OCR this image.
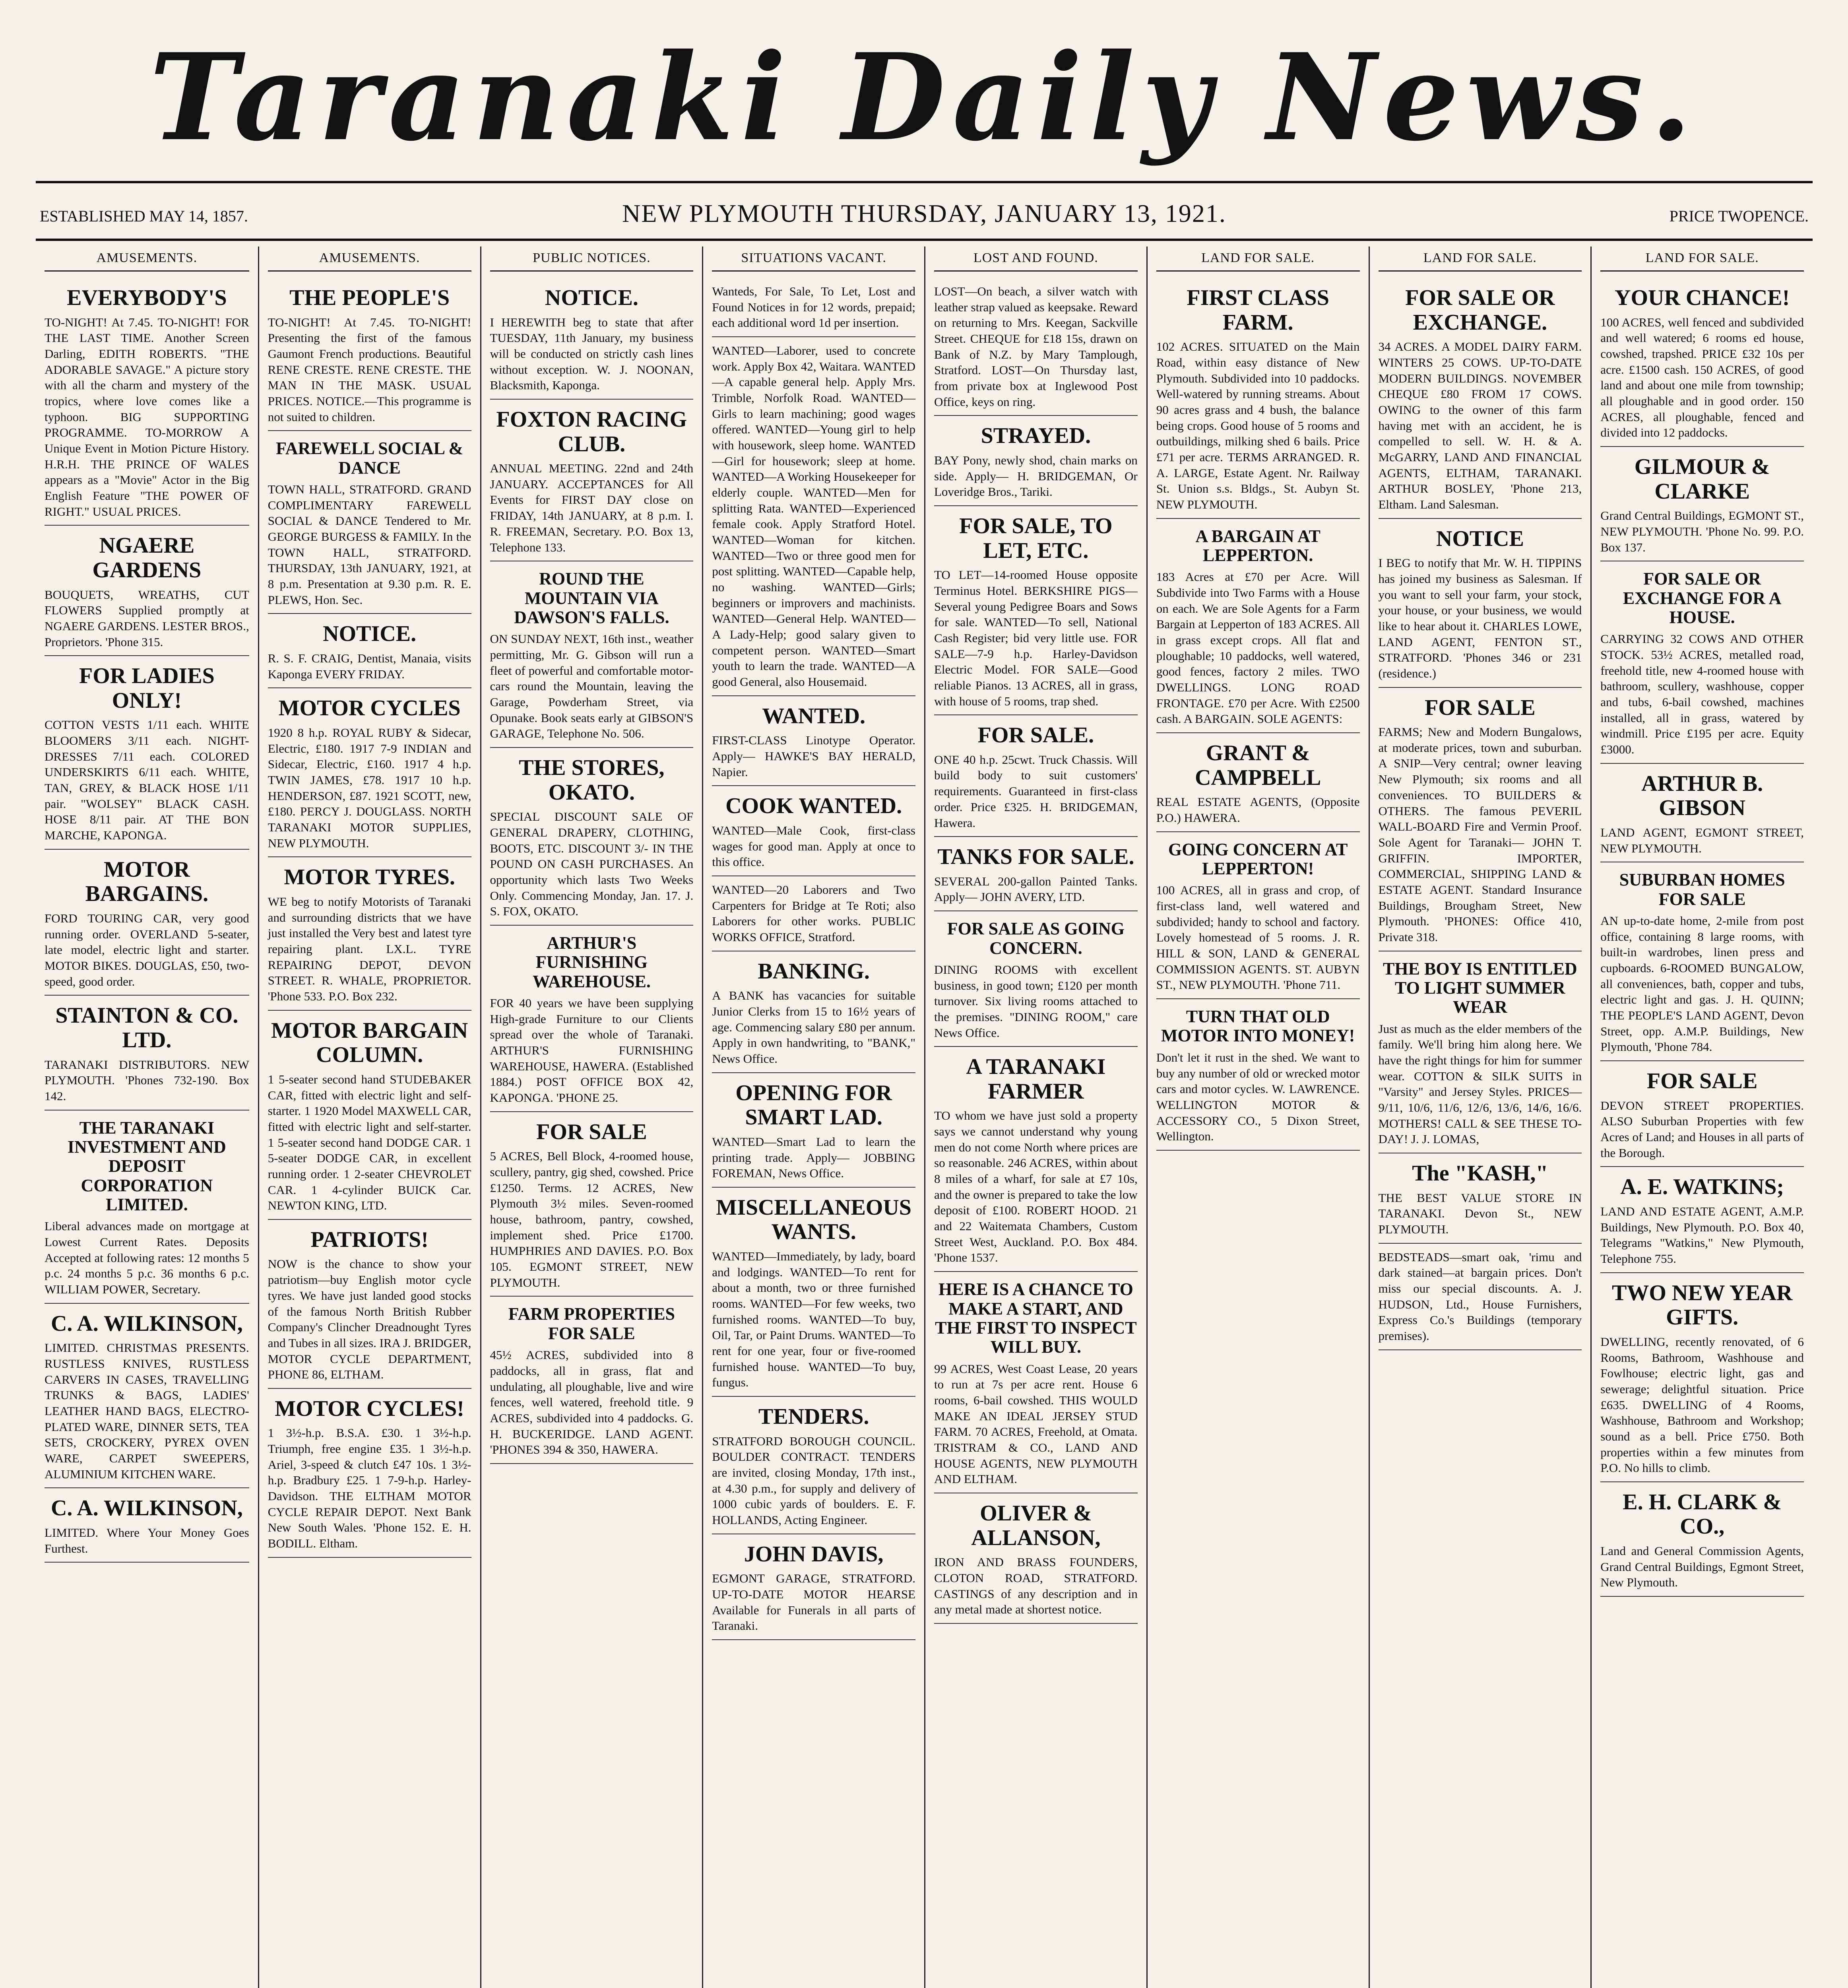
Taranaki Daily News.
ESTABLISHED MAY 14, 1857.	NEW PLYMOUTH THURSDAY, JANUARY 13, 1921.	PRICE TWOPENCE.
AMUSEMENTS.
EVERYBODY'S
TO-NIGHT! At 7.45. TO-NIGHT! FOR THE LAST TIME. Another Screen Darling, EDITH ROBERTS. "THE ADORABLE SAVAGE." A picture story with all the charm and mystery of the tropics, where love comes like a typhoon. BIG SUPPORTING PROGRAMME. TO-MORROW A Unique Event in Motion Picture History. H.R.H. THE PRINCE OF WALES appears as a "Movie" Actor in the Big English Feature "THE POWER OF RIGHT." USUAL PRICES.
NGAERE GARDENS
BOUQUETS, WREATHS, CUT FLOWERS Supplied promptly at NGAERE GARDENS. LESTER BROS., Proprietors. 'Phone 315.
FOR LADIES ONLY!
COTTON VESTS 1/11 each. WHITE BLOOMERS 3/11 each. NIGHT-DRESSES 7/11 each. COLORED UNDERSKIRTS 6/11 each. WHITE, TAN, GREY, & BLACK HOSE 1/11 pair. "WOLSEY" BLACK CASH. HOSE 8/11 pair. AT THE BON MARCHE, KAPONGA.
MOTOR BARGAINS.
FORD TOURING CAR, very good running order. OVERLAND 5-seater, late model, electric light and starter. MOTOR BIKES. DOUGLAS, £50, two-speed, good order.
STAINTON & CO. LTD.
TARANAKI DISTRIBUTORS. NEW PLYMOUTH. 'Phones 732-190. Box 142.
THE TARANAKI INVESTMENT AND DEPOSIT CORPORATION LIMITED.
Liberal advances made on mortgage at Lowest Current Rates. Deposits Accepted at following rates: 12 months 5 p.c. 24 months 5 p.c. 36 months 6 p.c. WILLIAM POWER, Secretary.
C. A. WILKINSON,
LIMITED. CHRISTMAS PRESENTS. RUSTLESS KNIVES, RUSTLESS CARVERS IN CASES, TRAVELLING TRUNKS & BAGS, LADIES' LEATHER HAND BAGS, ELECTRO-PLATED WARE, DINNER SETS, TEA SETS, CROCKERY, PYREX OVEN WARE, CARPET SWEEPERS, ALUMINIUM KITCHEN WARE.
C. A. WILKINSON,
LIMITED. Where Your Money Goes Furthest.
AMUSEMENTS.
THE PEOPLE'S
TO-NIGHT! At 7.45. TO-NIGHT! Presenting the first of the famous Gaumont French productions. Beautiful RENE CRESTE. RENE CRESTE. THE MAN IN THE MASK. USUAL PRICES. NOTICE.—This programme is not suited to children.
FAREWELL SOCIAL & DANCE
TOWN HALL, STRATFORD. GRAND COMPLIMENTARY FAREWELL SOCIAL & DANCE Tendered to Mr. GEORGE BURGESS & FAMILY. In the TOWN HALL, STRATFORD. THURSDAY, 13th JANUARY, 1921, at 8 p.m. Presentation at 9.30 p.m. R. E. PLEWS, Hon. Sec.
NOTICE.
R. S. F. CRAIG, Dentist, Manaia, visits Kaponga EVERY FRIDAY.
MOTOR CYCLES
1920 8 h.p. ROYAL RUBY & Sidecar, Electric, £180. 1917 7-9 INDIAN and Sidecar, Electric, £160. 1917 4 h.p. TWIN JAMES, £78. 1917 10 h.p. HENDERSON, £87. 1921 SCOTT, new, £180. PERCY J. DOUGLASS. NORTH TARANAKI MOTOR SUPPLIES, NEW PLYMOUTH.
MOTOR TYRES.
WE beg to notify Motorists of Taranaki and surrounding districts that we have just installed the Very best and latest tyre repairing plant. LX.L. TYRE REPAIRING DEPOT, DEVON STREET. R. WHALE, PROPRIETOR. 'Phone 533. P.O. Box 232.
MOTOR BARGAIN COLUMN.
1 5-seater second hand STUDEBAKER CAR, fitted with electric light and self-starter. 1 1920 Model MAXWELL CAR, fitted with electric light and self-starter. 1 5-seater second hand DODGE CAR. 1 5-seater DODGE CAR, in excellent running order. 1 2-seater CHEVROLET CAR. 1 4-cylinder BUICK Car. NEWTON KING, LTD.
PATRIOTS!
NOW is the chance to show your patriotism—buy English motor cycle tyres. We have just landed good stocks of the famous North British Rubber Company's Clincher Dreadnought Tyres and Tubes in all sizes. IRA J. BRIDGER, MOTOR CYCLE DEPARTMENT, PHONE 86, ELTHAM.
MOTOR CYCLES!
1 3½-h.p. B.S.A. £30. 1 3½-h.p. Triumph, free engine £35. 1 3½-h.p. Ariel, 3-speed & clutch £47 10s. 1 3½-h.p. Bradbury £25. 1 7-9-h.p. Harley-Davidson. THE ELTHAM MOTOR CYCLE REPAIR DEPOT. Next Bank New South Wales. 'Phone 152. E. H. BODILL. Eltham.
PUBLIC NOTICES.
NOTICE.
I HEREWITH beg to state that after TUESDAY, 11th January, my business will be conducted on strictly cash lines without exception. W. J. NOONAN, Blacksmith, Kaponga.
FOXTON RACING CLUB.
ANNUAL MEETING. 22nd and 24th JANUARY. ACCEPTANCES for All Events for FIRST DAY close on FRIDAY, 14th JANUARY, at 8 p.m. I. R. FREEMAN, Secretary. P.O. Box 13, Telephone 133.
ROUND THE MOUNTAIN VIA DAWSON'S FALLS.
ON SUNDAY NEXT, 16th inst., weather permitting, Mr. G. Gibson will run a fleet of powerful and comfortable motor-cars round the Mountain, leaving the Garage, Powderham Street, via Opunake. Book seats early at GIBSON'S GARAGE, Telephone No. 506.
THE STORES, OKATO.
SPECIAL DISCOUNT SALE OF GENERAL DRAPERY, CLOTHING, BOOTS, ETC. DISCOUNT 3/- IN THE POUND ON CASH PURCHASES. An opportunity which lasts Two Weeks Only. Commencing Monday, Jan. 17. J. S. FOX, OKATO.
ARTHUR'S FURNISHING WAREHOUSE.
FOR 40 years we have been supplying High-grade Furniture to our Clients spread over the whole of Taranaki. ARTHUR'S FURNISHING WAREHOUSE, HAWERA. (Established 1884.) POST OFFICE BOX 42, KAPONGA. 'PHONE 25.
FOR SALE
5 ACRES, Bell Block, 4-roomed house, scullery, pantry, gig shed, cowshed. Price £1250. Terms. 12 ACRES, New Plymouth 3½ miles. Seven-roomed house, bathroom, pantry, cowshed, implement shed. Price £1700. HUMPHRIES AND DAVIES. P.O. Box 105. EGMONT STREET, NEW PLYMOUTH.
FARM PROPERTIES FOR SALE
45½ ACRES, subdivided into 8 paddocks, all in grass, flat and undulating, all ploughable, live and wire fences, well watered, freehold title. 9 ACRES, subdivided into 4 paddocks. G. H. BUCKERIDGE. LAND AGENT. 'PHONES 394 & 350, HAWERA.
SITUATIONS VACANT.
Wanteds, For Sale, To Let, Lost and Found Notices in for 12 words, prepaid; each additional word 1d per insertion.
WANTED—Laborer, used to concrete work. Apply Box 42, Waitara. WANTED—A capable general help. Apply Mrs. Trimble, Norfolk Road. WANTED—Girls to learn machining; good wages offered. WANTED—Young girl to help with housework, sleep home. WANTED—Girl for housework; sleep at home. WANTED—A Working Housekeeper for elderly couple. WANTED—Men for splitting Rata. WANTED—Experienced female cook. Apply Stratford Hotel. WANTED—Woman for kitchen. WANTED—Two or three good men for post splitting. WANTED—Capable help, no washing. WANTED—Girls; beginners or improvers and machinists. WANTED—General Help. WANTED—A Lady-Help; good salary given to competent person. WANTED—Smart youth to learn the trade. WANTED—A good General, also Housemaid.
WANTED.
FIRST-CLASS Linotype Operator. Apply— HAWKE'S BAY HERALD, Napier.
COOK WANTED.
WANTED—Male Cook, first-class wages for good man. Apply at once to this office.
WANTED—20 Laborers and Two Carpenters for Bridge at Te Roti; also Laborers for other works. PUBLIC WORKS OFFICE, Stratford.
BANKING.
A BANK has vacancies for suitable Junior Clerks from 15 to 16½ years of age. Commencing salary £80 per annum. Apply in own handwriting, to "BANK," News Office.
OPENING FOR SMART LAD.
WANTED—Smart Lad to learn the printing trade. Apply— JOBBING FOREMAN, News Office.
MISCELLANEOUS WANTS.
WANTED—Immediately, by lady, board and lodgings. WANTED—To rent for about a month, two or three furnished rooms. WANTED—For few weeks, two furnished rooms. WANTED—To buy, Oil, Tar, or Paint Drums. WANTED—To rent for one year, four or five-roomed furnished house. WANTED—To buy, fungus.
TENDERS.
STRATFORD BOROUGH COUNCIL. BOULDER CONTRACT. TENDERS are invited, closing Monday, 17th inst., at 4.30 p.m., for supply and delivery of 1000 cubic yards of boulders. E. F. HOLLANDS, Acting Engineer.
JOHN DAVIS,
EGMONT GARAGE, STRATFORD. UP-TO-DATE MOTOR HEARSE Available for Funerals in all parts of Taranaki.
LOST AND FOUND.
LOST—On beach, a silver watch with leather strap valued as keepsake. Reward on returning to Mrs. Keegan, Sackville Street. CHEQUE for £18 15s, drawn on Bank of N.Z. by Mary Tamplough, Stratford. LOST—On Thursday last, from private box at Inglewood Post Office, keys on ring.
STRAYED.
BAY Pony, newly shod, chain marks on side. Apply— H. BRIDGEMAN, Or Loveridge Bros., Tariki.
FOR SALE, TO LET, ETC.
TO LET—14-roomed House opposite Terminus Hotel. BERKSHIRE PIGS—Several young Pedigree Boars and Sows for sale. WANTED—To sell, National Cash Register; bid very little use. FOR SALE—7-9 h.p. Harley-Davidson Electric Model. FOR SALE—Good reliable Pianos. 13 ACRES, all in grass, with house of 5 rooms, trap shed.
FOR SALE.
ONE 40 h.p. 25cwt. Truck Chassis. Will build body to suit customers' requirements. Guaranteed in first-class order. Price £325. H. BRIDGEMAN, Hawera.
TANKS FOR SALE.
SEVERAL 200-gallon Painted Tanks. Apply— JOHN AVERY, LTD.
FOR SALE AS GOING CONCERN.
DINING ROOMS with excellent business, in good town; £120 per month turnover. Six living rooms attached to the premises. "DINING ROOM," care News Office.
A TARANAKI FARMER
TO whom we have just sold a property says we cannot understand why young men do not come North where prices are so reasonable. 246 ACRES, within about 8 miles of a wharf, for sale at £7 10s, and the owner is prepared to take the low deposit of £100. ROBERT HOOD. 21 and 22 Waitemata Chambers, Custom Street West, Auckland. P.O. Box 484. 'Phone 1537.
HERE IS A CHANCE TO MAKE A START, AND THE FIRST TO INSPECT WILL BUY.
99 ACRES, West Coast Lease, 20 years to run at 7s per acre rent. House 6 rooms, 6-bail cowshed. THIS WOULD MAKE AN IDEAL JERSEY STUD FARM. 70 ACRES, Freehold, at Omata. TRISTRAM & CO., LAND AND HOUSE AGENTS, NEW PLYMOUTH AND ELTHAM.
OLIVER & ALLANSON,
IRON AND BRASS FOUNDERS, CLOTON ROAD, STRATFORD. CASTINGS of any description and in any metal made at shortest notice.
LAND FOR SALE.
FIRST CLASS FARM.
102 ACRES. SITUATED on the Main Road, within easy distance of New Plymouth. Subdivided into 10 paddocks. Well-watered by running streams. About 90 acres grass and 4 bush, the balance being crops. Good house of 5 rooms and outbuildings, milking shed 6 bails. Price £71 per acre. TERMS ARRANGED. R. A. LARGE, Estate Agent. Nr. Railway St. Union s.s. Bldgs., St. Aubyn St. NEW PLYMOUTH.
A BARGAIN AT LEPPERTON.
183 Acres at £70 per Acre. Will Subdivide into Two Farms with a House on each. We are Sole Agents for a Farm Bargain at Lepperton of 183 ACRES. All in grass except crops. All flat and ploughable; 10 paddocks, well watered, good fences, factory 2 miles. TWO DWELLINGS. LONG ROAD FRONTAGE. £70 per Acre. With £2500 cash. A BARGAIN. SOLE AGENTS:
GRANT & CAMPBELL
REAL ESTATE AGENTS, (Opposite P.O.) HAWERA.
GOING CONCERN AT LEPPERTON!
100 ACRES, all in grass and crop, of first-class land, well watered and subdivided; handy to school and factory. Lovely homestead of 5 rooms. J. R. HILL & SON, LAND & GENERAL COMMISSION AGENTS. ST. AUBYN ST., NEW PLYMOUTH. 'Phone 711.
TURN THAT OLD MOTOR INTO MONEY!
Don't let it rust in the shed. We want to buy any number of old or wrecked motor cars and motor cycles. W. LAWRENCE. WELLINGTON MOTOR & ACCESSORY CO., 5 Dixon Street, Wellington.
LAND FOR SALE.
FOR SALE OR EXCHANGE.
34 ACRES. A MODEL DAIRY FARM. WINTERS 25 COWS. UP-TO-DATE MODERN BUILDINGS. NOVEMBER CHEQUE £80 FROM 17 COWS. OWING to the owner of this farm having met with an accident, he is compelled to sell. W. H. & A. McGARRY, LAND AND FINANCIAL AGENTS, ELTHAM, TARANAKI. ARTHUR BOSLEY, 'Phone 213, Eltham. Land Salesman.
NOTICE
I BEG to notify that Mr. W. H. TIPPINS has joined my business as Salesman. If you want to sell your farm, your stock, your house, or your business, we would like to hear about it. CHARLES LOWE, LAND AGENT, FENTON ST., STRATFORD. 'Phones 346 or 231 (residence.)
FOR SALE
FARMS; New and Modern Bungalows, at moderate prices, town and suburban. A SNIP—Very central; owner leaving New Plymouth; six rooms and all conveniences. TO BUILDERS & OTHERS. The famous PEVERIL WALL-BOARD Fire and Vermin Proof. Sole Agent for Taranaki— JOHN T. GRIFFIN. IMPORTER, COMMERCIAL, SHIPPING LAND & ESTATE AGENT. Standard Insurance Buildings, Brougham Street, New Plymouth. 'PHONES: Office 410, Private 318.
THE BOY IS ENTITLED TO LIGHT SUMMER WEAR
Just as much as the elder members of the family. We'll bring him along here. We have the right things for him for summer wear. COTTON & SILK SUITS in "Varsity" and Jersey Styles. PRICES—9/11, 10/6, 11/6, 12/6, 13/6, 14/6, 16/6. MOTHERS! CALL & SEE THESE TO-DAY! J. J. LOMAS,
The "KASH,"
THE BEST VALUE STORE IN TARANAKI. Devon St., NEW PLYMOUTH.
BEDSTEADS—smart oak, 'rimu and dark stained—at bargain prices. Don't miss our special discounts. A. J. HUDSON, Ltd., House Furnishers, Express Co.'s Buildings (temporary premises).
LAND FOR SALE.
YOUR CHANCE!
100 ACRES, well fenced and subdivided and well watered; 6 rooms ed house, cowshed, trapshed. PRICE £32 10s per acre. £1500 cash. 150 ACRES, of good land and about one mile from township; all ploughable and in good order. 150 ACRES, all ploughable, fenced and divided into 12 paddocks.
GILMOUR & CLARKE
Grand Central Buildings, EGMONT ST., NEW PLYMOUTH. 'Phone No. 99. P.O. Box 137.
FOR SALE OR EXCHANGE FOR A HOUSE.
CARRYING 32 COWS AND OTHER STOCK. 53½ ACRES, metalled road, freehold title, new 4-roomed house with bathroom, scullery, washhouse, copper and tubs, 6-bail cowshed, machines installed, all in grass, watered by windmill. Price £195 per acre. Equity £3000.
ARTHUR B. GIBSON
LAND AGENT, EGMONT STREET, NEW PLYMOUTH.
SUBURBAN HOMES FOR SALE
AN up-to-date home, 2-mile from post office, containing 8 large rooms, with built-in wardrobes, linen press and cupboards. 6-ROOMED BUNGALOW, all conveniences, bath, copper and tubs, electric light and gas. J. H. QUINN; THE PEOPLE'S LAND AGENT, Devon Street, opp. A.M.P. Buildings, New Plymouth, 'Phone 784.
FOR SALE
DEVON STREET PROPERTIES. ALSO Suburban Properties with few Acres of Land; and Houses in all parts of the Borough.
A. E. WATKINS;
LAND AND ESTATE AGENT, A.M.P. Buildings, New Plymouth. P.O. Box 40, Telegrams "Watkins," New Plymouth, Telephone 755.
TWO NEW YEAR GIFTS.
DWELLING, recently renovated, of 6 Rooms, Bathroom, Washhouse and Fowlhouse; electric light, gas and sewerage; delightful situation. Price £635. DWELLING of 4 Rooms, Washhouse, Bathroom and Workshop; sound as a bell. Price £750. Both properties within a few minutes from P.O. No hills to climb.
E. H. CLARK & CO.,
Land and General Commission Agents, Grand Central Buildings, Egmont Street, New Plymouth.
